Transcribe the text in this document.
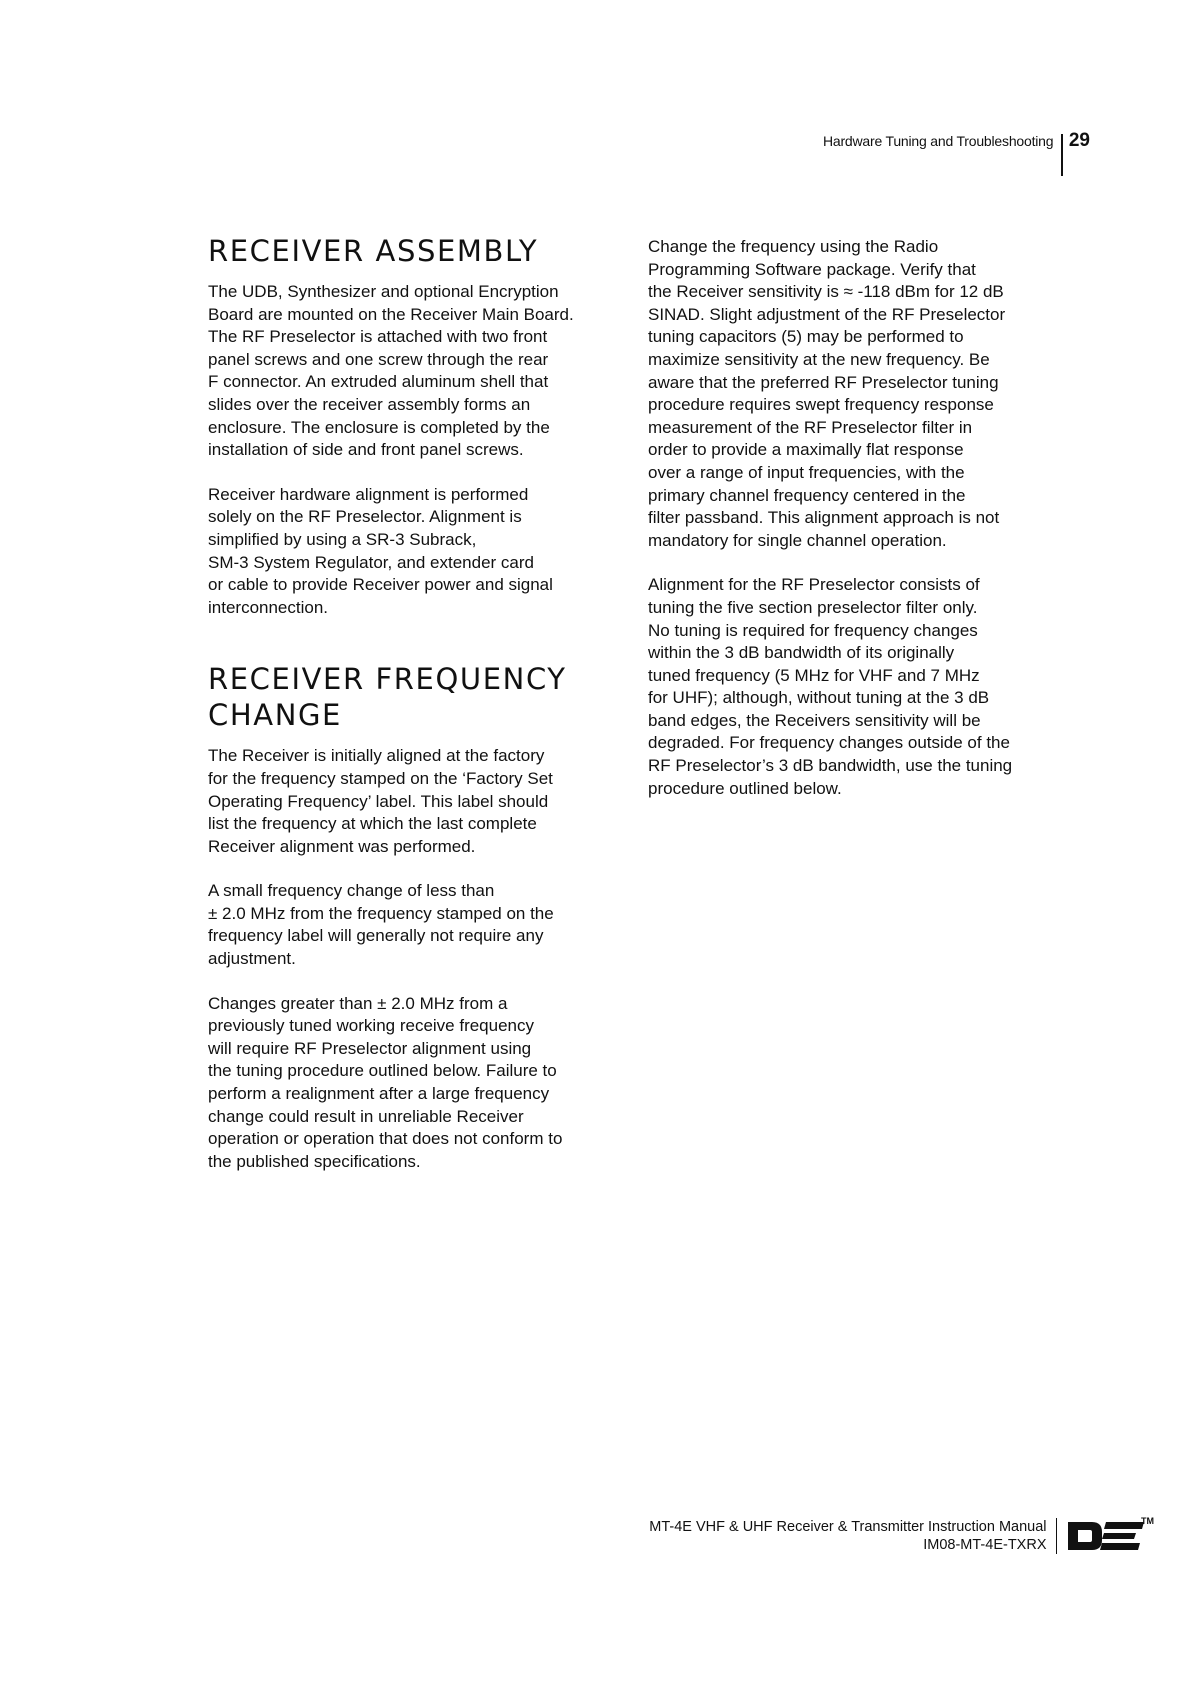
Hardware Tuning and Troubleshooting 29
RECEIVER ASSEMBLY

The UDB, Synthesizer and optional Encryption
Board are mounted on the Receiver Main Board.
The RF Preselector is attached with two front
panel screws and one screw through the rear
F connector. An extruded aluminum shell that
slides over the receiver assembly forms an
enclosure. The enclosure is completed by the
installation of side and front panel screws.

Receiver hardware alignment is performed
solely on the RF Preselector. Alignment is
simplified by using a SR-3 Subrack,
SM-3 System Regulator, and extender card
or cable to provide Receiver power and signal
interconnection.

RECEIVER FREQUENCY
CHANGE

The Receiver is initially aligned at the factory
for the frequency stamped on the ‘Factory Set
Operating Frequency’ label. This label should
list the frequency at which the last complete
Receiver alignment was performed.

A small frequency change of less than
± 2.0 MHz from the frequency stamped on the
frequency label will generally not require any
adjustment.

Changes greater than ± 2.0 MHz from a
previously tuned working receive frequency
will require RF Preselector alignment using
the tuning procedure outlined below. Failure to
perform a realignment after a large frequency
change could result in unreliable Receiver
operation or operation that does not conform to
the published specifications.

Change the frequency using the Radio
Programming Software package. Verify that
the Receiver sensitivity is ≈ -118 dBm for 12 dB
SINAD. Slight adjustment of the RF Preselector
tuning capacitors (5) may be performed to
maximize sensitivity at the new frequency. Be
aware that the preferred RF Preselector tuning
procedure requires swept frequency response
measurement of the RF Preselector filter in
order to provide a maximally flat response
over a range of input frequencies, with the
primary channel frequency centered in the
filter passband. This alignment approach is not
mandatory for single channel operation.

Alignment for the RF Preselector consists of
tuning the five section preselector filter only.
No tuning is required for frequency changes
within the 3 dB bandwidth of its originally
tuned frequency (5 MHz for VHF and 7 MHz
for UHF); although, without tuning at the 3 dB
band edges, the Receivers sensitivity will be
degraded. For frequency changes outside of the
RF Preselector’s 3 dB bandwidth, use the tuning
procedure outlined below.

MT-4E VHF & UHF Receiver & Transmitter Instruction Manual
IM08-MT-4E-TXRX
TM
